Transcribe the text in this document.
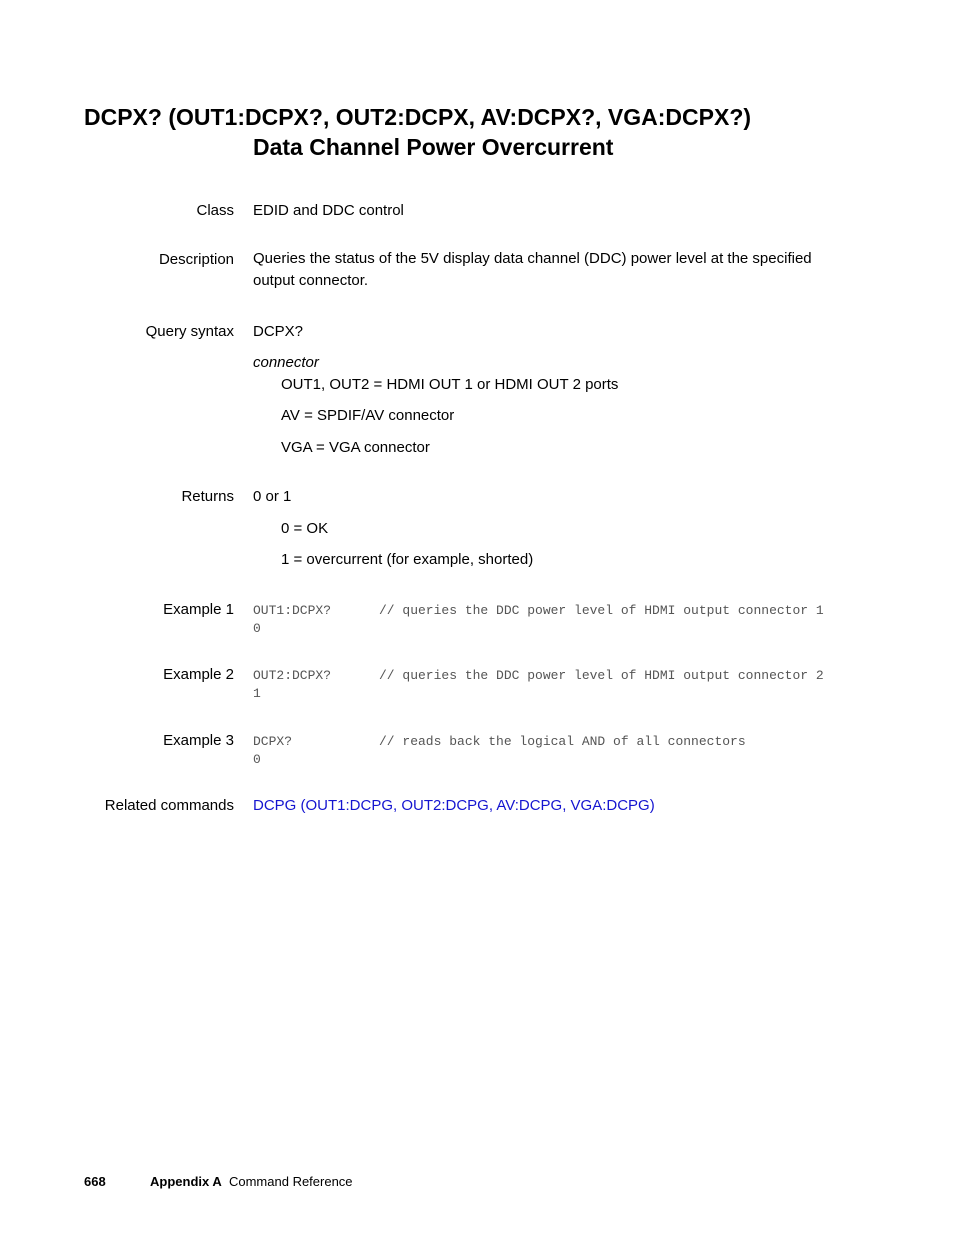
DCPX? (OUT1:DCPX?, OUT2:DCPX, AV:DCPX?, VGA:DCPX?)
Data Channel Power Overcurrent
Class EDID and DDC control
Description Queries the status of the 5V display data channel (DDC) power level at the specified output connector.
Query syntax DCPX?
connector
OUT1, OUT2 = HDMI OUT 1 or HDMI OUT 2 ports
AV = SPDIF/AV connector
VGA = VGA connector
Returns 0 or 1
0 = OK
1 = overcurrent (for example, shorted)
Example 1 OUT1:DCPX?	// queries the DDC power level of HDMI output connector 1
0
Example 2 OUT2:DCPX?	// queries the DDC power level of HDMI output connector 2
1
Example 3 DCPX?	// reads back the logical AND of all connectors
0
Related commands DCPG (OUT1:DCPG, OUT2:DCPG, AV:DCPG, VGA:DCPG)
668	Appendix A Command Reference
